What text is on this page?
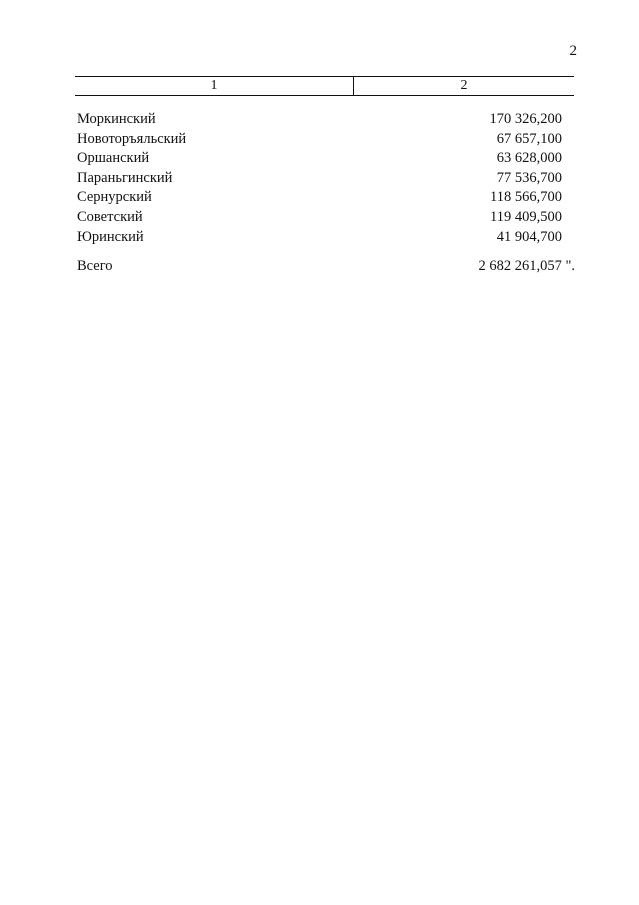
2
1	2
Моркинский	170 326,200
Новоторъяльский	67 657,100
Оршанский	63 628,000
Параньгинский	77 536,700
Сернурский	118 566,700
Советский	119 409,500
Юринский	41 904,700
Всего	2 682 261,057 ".
